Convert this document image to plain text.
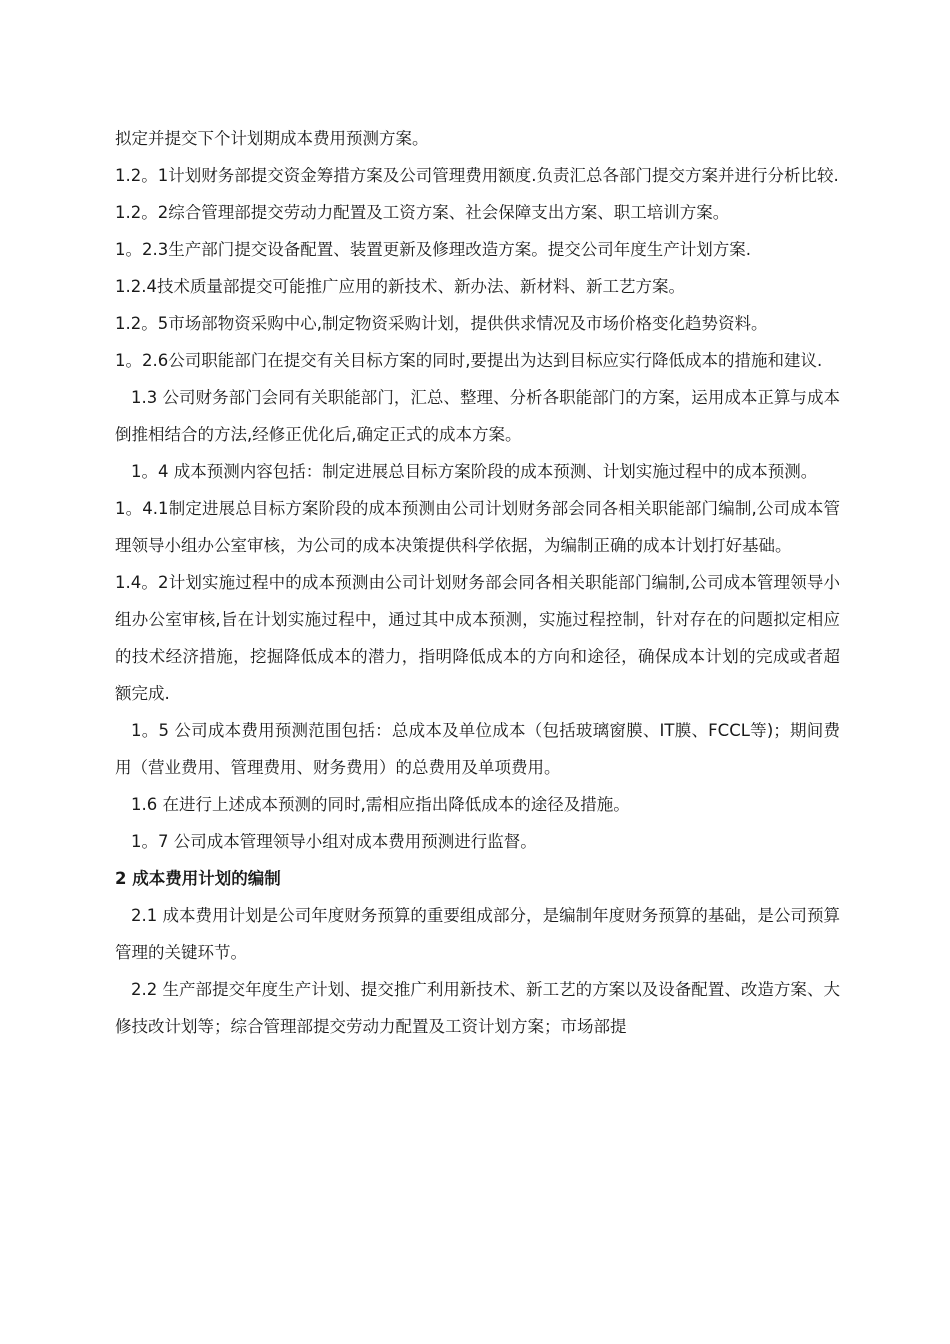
拟定并提交下个计划期成本费用预测方案。

1.2。1计划财务部提交资金筹措方案及公司管理费用额度.负责汇总各部门提交方案并进行分析比较.

1.2。2综合管理部提交劳动力配置及工资方案、社会保障支出方案、职工培训方案。

1。2.3生产部门提交设备配置、装置更新及修理改造方案。提交公司年度生产计划方案.

1.2.4技术质量部提交可能推广应用的新技术、新办法、新材料、新工艺方案。

1.2。5市场部物资采购中心,制定物资采购计划，提供供求情况及市场价格变化趋势资料。

1。2.6公司职能部门在提交有关目标方案的同时,要提出为达到目标应实行降低成本的措施和建议.

1.3 公司财务部门会同有关职能部门，汇总、整理、分析各职能部门的方案，运用成本正算与成本倒推相结合的方法,经修正优化后,确定正式的成本方案。

1。4 成本预测内容包括：制定进展总目标方案阶段的成本预测、计划实施过程中的成本预测。

1。4.1制定进展总目标方案阶段的成本预测由公司计划财务部会同各相关职能部门编制,公司成本管理领导小组办公室审核，为公司的成本决策提供科学依据，为编制正确的成本计划打好基础。

1.4。2计划实施过程中的成本预测由公司计划财务部会同各相关职能部门编制,公司成本管理领导小组办公室审核,旨在计划实施过程中，通过其中成本预测，实施过程控制，针对存在的问题拟定相应的技术经济措施，挖掘降低成本的潜力，指明降低成本的方向和途径，确保成本计划的完成或者超额完成.

1。5 公司成本费用预测范围包括：总成本及单位成本（包括玻璃窗膜、IT膜、FCCL等)；期间费用（营业费用、管理费用、财务费用）的总费用及单项费用。

1.6 在进行上述成本预测的同时,需相应指出降低成本的途径及措施。

1。7 公司成本管理领导小组对成本费用预测进行监督。

2 成本费用计划的编制

2.1 成本费用计划是公司年度财务预算的重要组成部分，是编制年度财务预算的基础，是公司预算管理的关键环节。

2.2 生产部提交年度生产计划、提交推广利用新技术、新工艺的方案以及设备配置、改造方案、大修技改计划等；综合管理部提交劳动力配置及工资计划方案；市场部提
